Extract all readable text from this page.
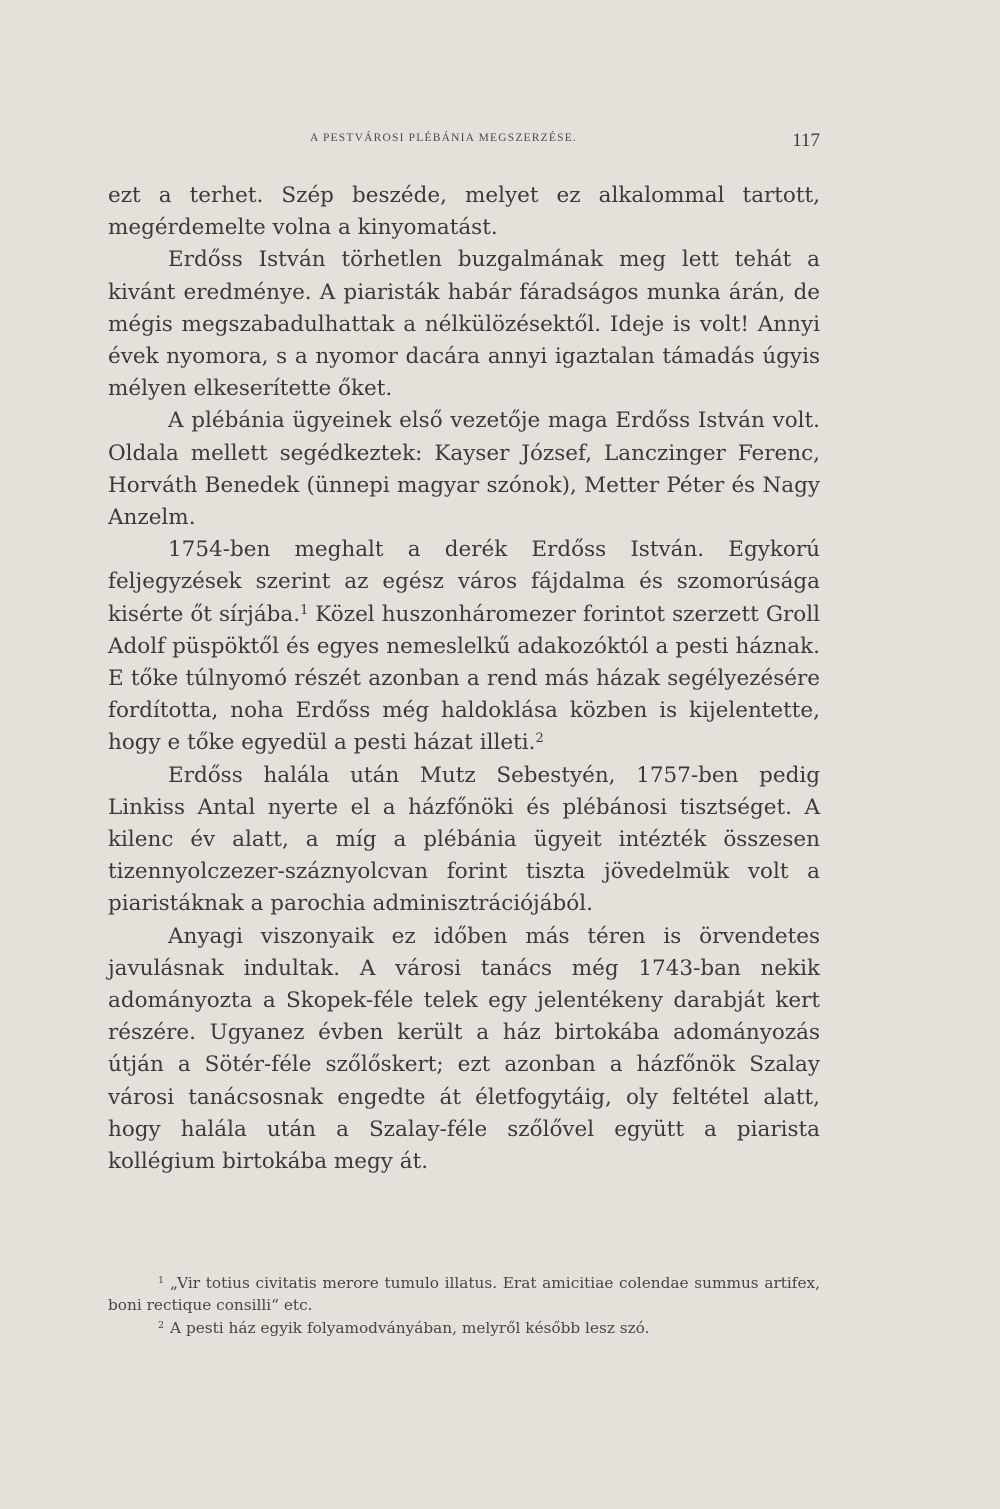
A PESTVÁROSI PLÉBÁNIA MEGSZERZÉSE.	117

ezt a terhet. Szép beszéde, melyet ez alkalommal tartott, megérdemelte volna a kinyomatást.

Erdőss István törhetlen buzgalmának meg lett tehát a kivánt eredménye. A piaristák habár fáradságos munka árán, de mégis megszabadulhattak a nélkülözésektől. Ideje is volt! Annyi évek nyomora, s a nyomor dacára annyi igaztalan támadás úgyis mélyen elkeserítette őket.

A plébánia ügyeinek első vezetője maga Erdőss István volt. Oldala mellett segédkeztek: Kayser József, Lanczinger Ferenc, Horváth Benedek (ünnepi magyar szónok), Metter Péter és Nagy Anzelm.

1754-ben meghalt a derék Erdőss István. Egykorú feljegyzések szerint az egész város fájdalma és szomorúsága kisérte őt sírjába.$^1$ Közel huszonháromezer forintot szerzett Groll Adolf püspöktől és egyes nemeslelkű adakozóktól a pesti háznak. E tőke túlnyomó részét azonban a rend más házak segélyezésére fordította, noha Erdőss még haldoklása közben is kijelentette, hogy e tőke egyedül a pesti házat illeti.$^2$

Erdőss halála után Mutz Sebestyén, 1757-ben pedig Linkiss Antal nyerte el a házfőnöki és plébánosi tisztséget. A kilenc év alatt, a míg a plébánia ügyeit intézték összesen tizennyolczezer-száznyolcvan forint tiszta jövedelmük volt a piaristáknak a parochia adminisztrációjából.

Anyagi viszonyaik ez időben más téren is örvendetes javulásnak indultak. A városi tanács még 1743-ban nekik adományozta a Skopek-féle telek egy jelentékeny darabját kert részére. Ugyanez évben került a ház birtokába adományozás útján a Sötér-féle szőlőskert; ezt azonban a házfőnök Szalay városi tanácsosnak engedte át életfogytáig, oly feltétel alatt, hogy halála után a Szalay-féle szőlővel együtt a piarista kollégium birtokába megy át.

$^1$ „Vir totius civitatis merore tumulo illatus. Erat amicitiae colendae summus artifex, boni rectique consilli“ etc.

$^2$ A pesti ház egyik folyamodványában, melyről később lesz szó.
